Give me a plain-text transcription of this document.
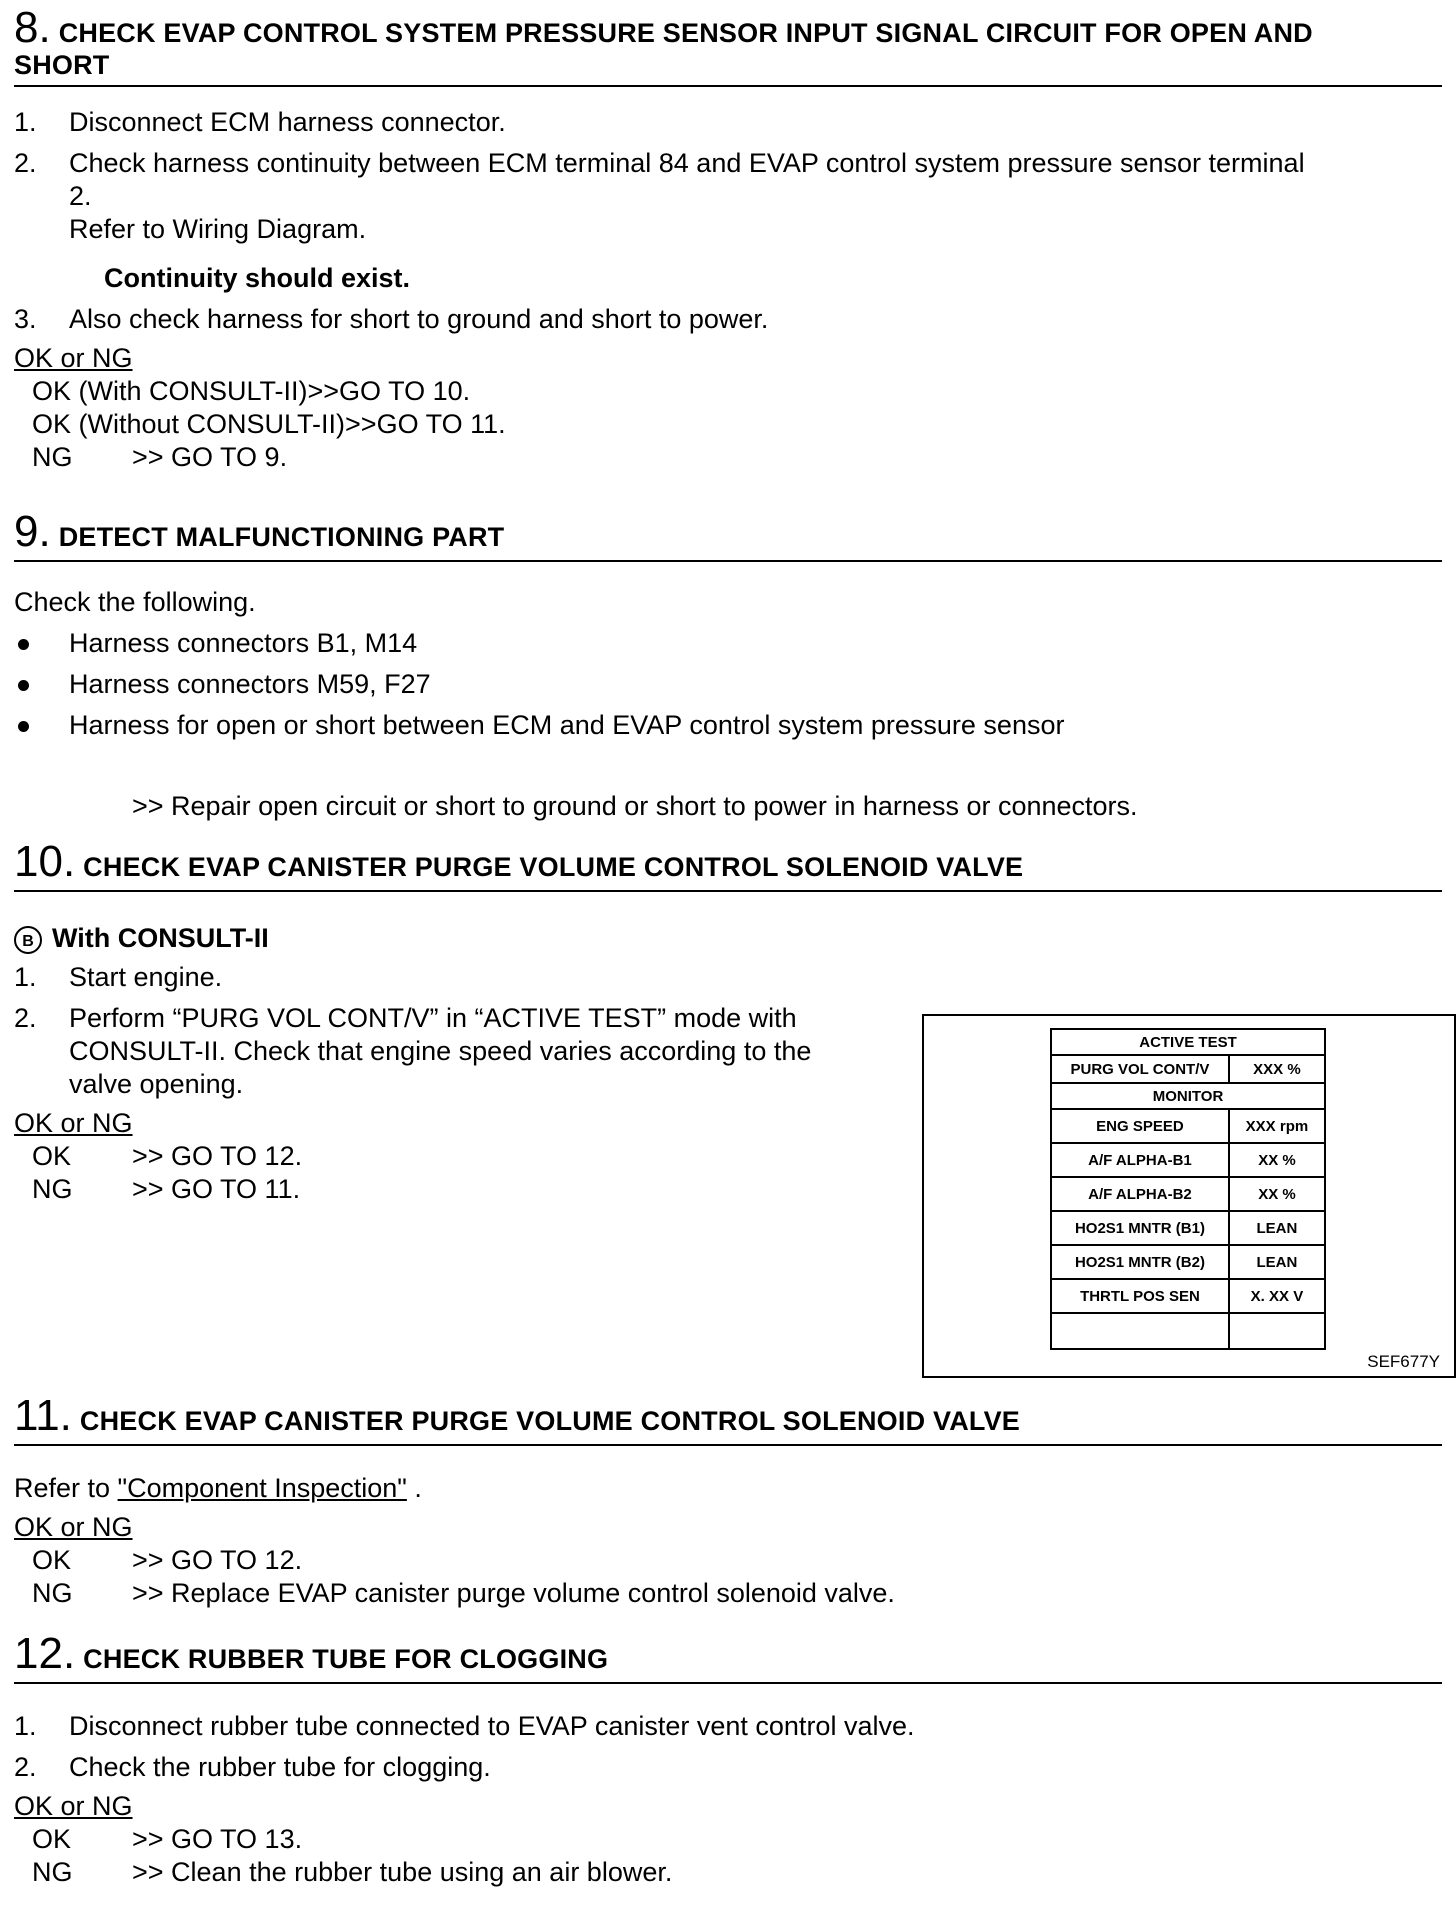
8. CHECK EVAP CONTROL SYSTEM PRESSURE SENSOR INPUT SIGNAL CIRCUIT FOR OPEN AND
SHORT
1. Disconnect ECM harness connector.
2. Check harness continuity between ECM terminal 84 and EVAP control system pressure sensor terminal
2.
Refer to Wiring Diagram.
Continuity should exist.
3. Also check harness for short to ground and short to power.
OK or NG
OK (With CONSULT-II)>>GO TO 10.
OK (Without CONSULT-II)>>GO TO 11.
NG >> GO TO 9.
9. DETECT MALFUNCTIONING PART
Check the following.
Harness connectors B1, M14
Harness connectors M59, F27
Harness for open or short between ECM and EVAP control system pressure sensor
>> Repair open circuit or short to ground or short to power in harness or connectors.
10. CHECK EVAP CANISTER PURGE VOLUME CONTROL SOLENOID VALVE
B With CONSULT-II
1. Start engine.
2. Perform “PURG VOL CONT/V” in “ACTIVE TEST” mode with
CONSULT-II. Check that engine speed varies according to the
valve opening.
OK or NG
OK >> GO TO 12.
NG >> GO TO 11.
11. CHECK EVAP CANISTER PURGE VOLUME CONTROL SOLENOID VALVE
Refer to "Component Inspection" .
OK or NG
OK >> GO TO 12.
NG >> Replace EVAP canister purge volume control solenoid valve.
12. CHECK RUBBER TUBE FOR CLOGGING
1. Disconnect rubber tube connected to EVAP canister vent control valve.
2. Check the rubber tube for clogging.
OK or NG
OK >> GO TO 13.
NG >> Clean the rubber tube using an air blower.
ACTIVE TEST	
PURG VOL CONT/V	XXX %
MONITOR	
ENG SPEED	XXX rpm
A/F ALPHA-B1	XX %
A/F ALPHA-B2	XX %
HO2S1 MNTR (B1)	LEAN
HO2S1 MNTR (B2)	LEAN
THRTL POS SEN	X. XX V

SEF677Y
